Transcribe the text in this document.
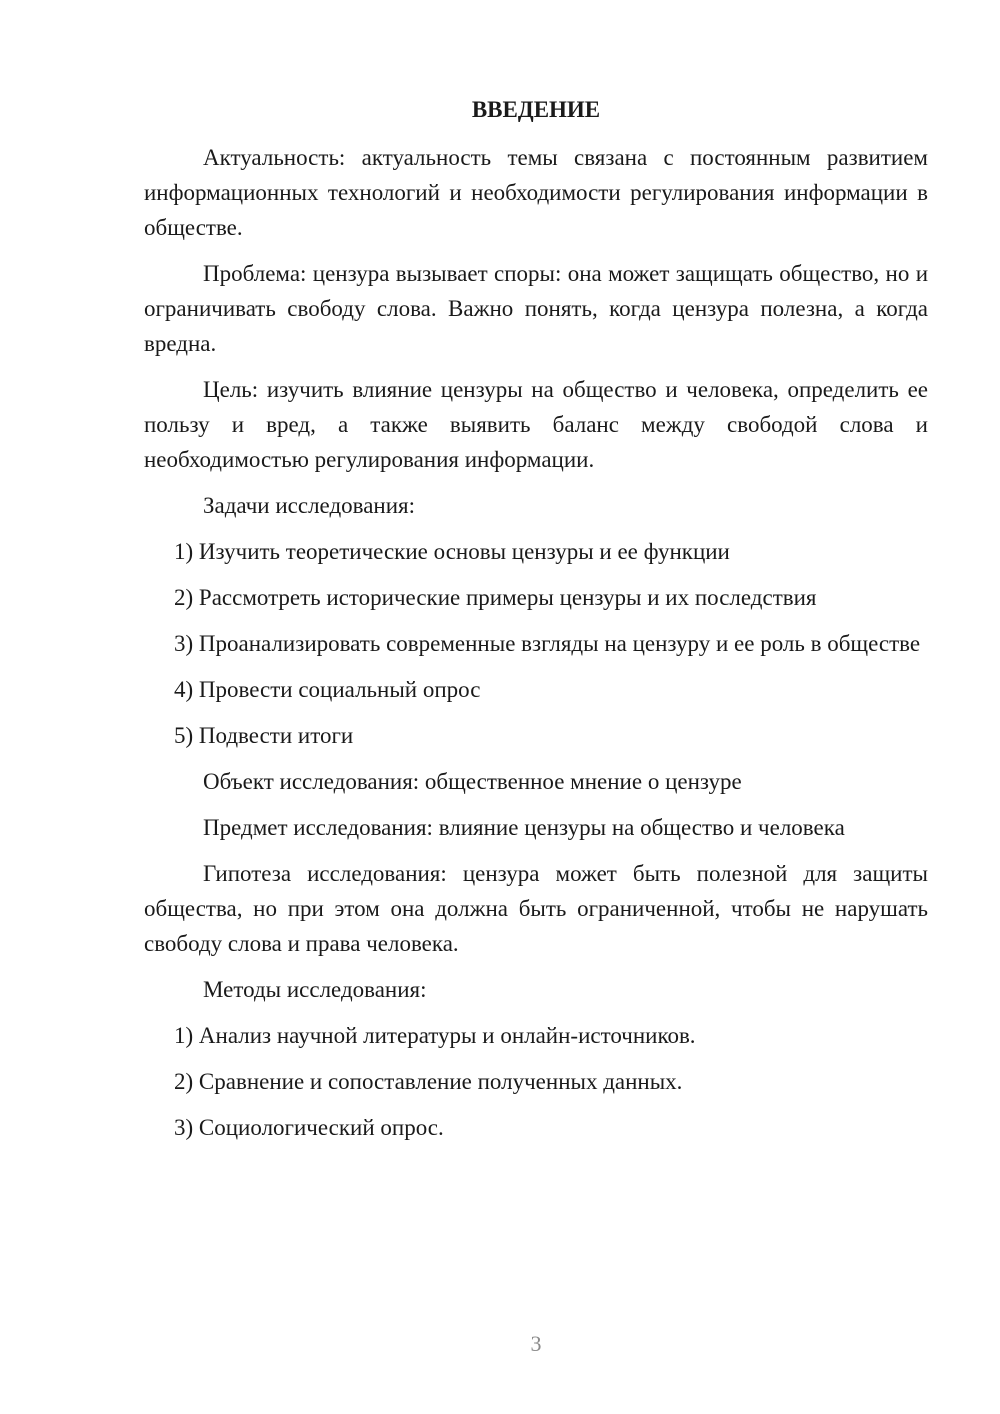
ВВЕДЕНИЕ

Актуальность: актуальность темы связана с постоянным развитием информационных технологий и необходимости регулирования информации в обществе.

Проблема: цензура вызывает споры: она может защищать общество, но и ограничивать свободу слова. Важно понять, когда цензура полезна, а когда вредна.

Цель: изучить влияние цензуры на общество и человека, определить ее пользу и вред, а также выявить баланс между свободой слова и необходимостью регулирования информации.

Задачи исследования:

1) Изучить теоретические основы цензуры и ее функции

2) Рассмотреть исторические примеры цензуры и их последствия

3) Проанализировать современные взгляды на цензуру и ее роль в обществе

4) Провести социальный опрос

5) Подвести итоги

Объект исследования: общественное мнение о цензуре

Предмет исследования: влияние цензуры на общество и человека

Гипотеза исследования: цензура может быть полезной для защиты общества, но при этом она должна быть ограниченной, чтобы не нарушать свободу слова и права человека.

Методы исследования:

1) Анализ научной литературы и онлайн-источников.

2) Сравнение и сопоставление полученных данных.

3) Социологический опрос.

3
